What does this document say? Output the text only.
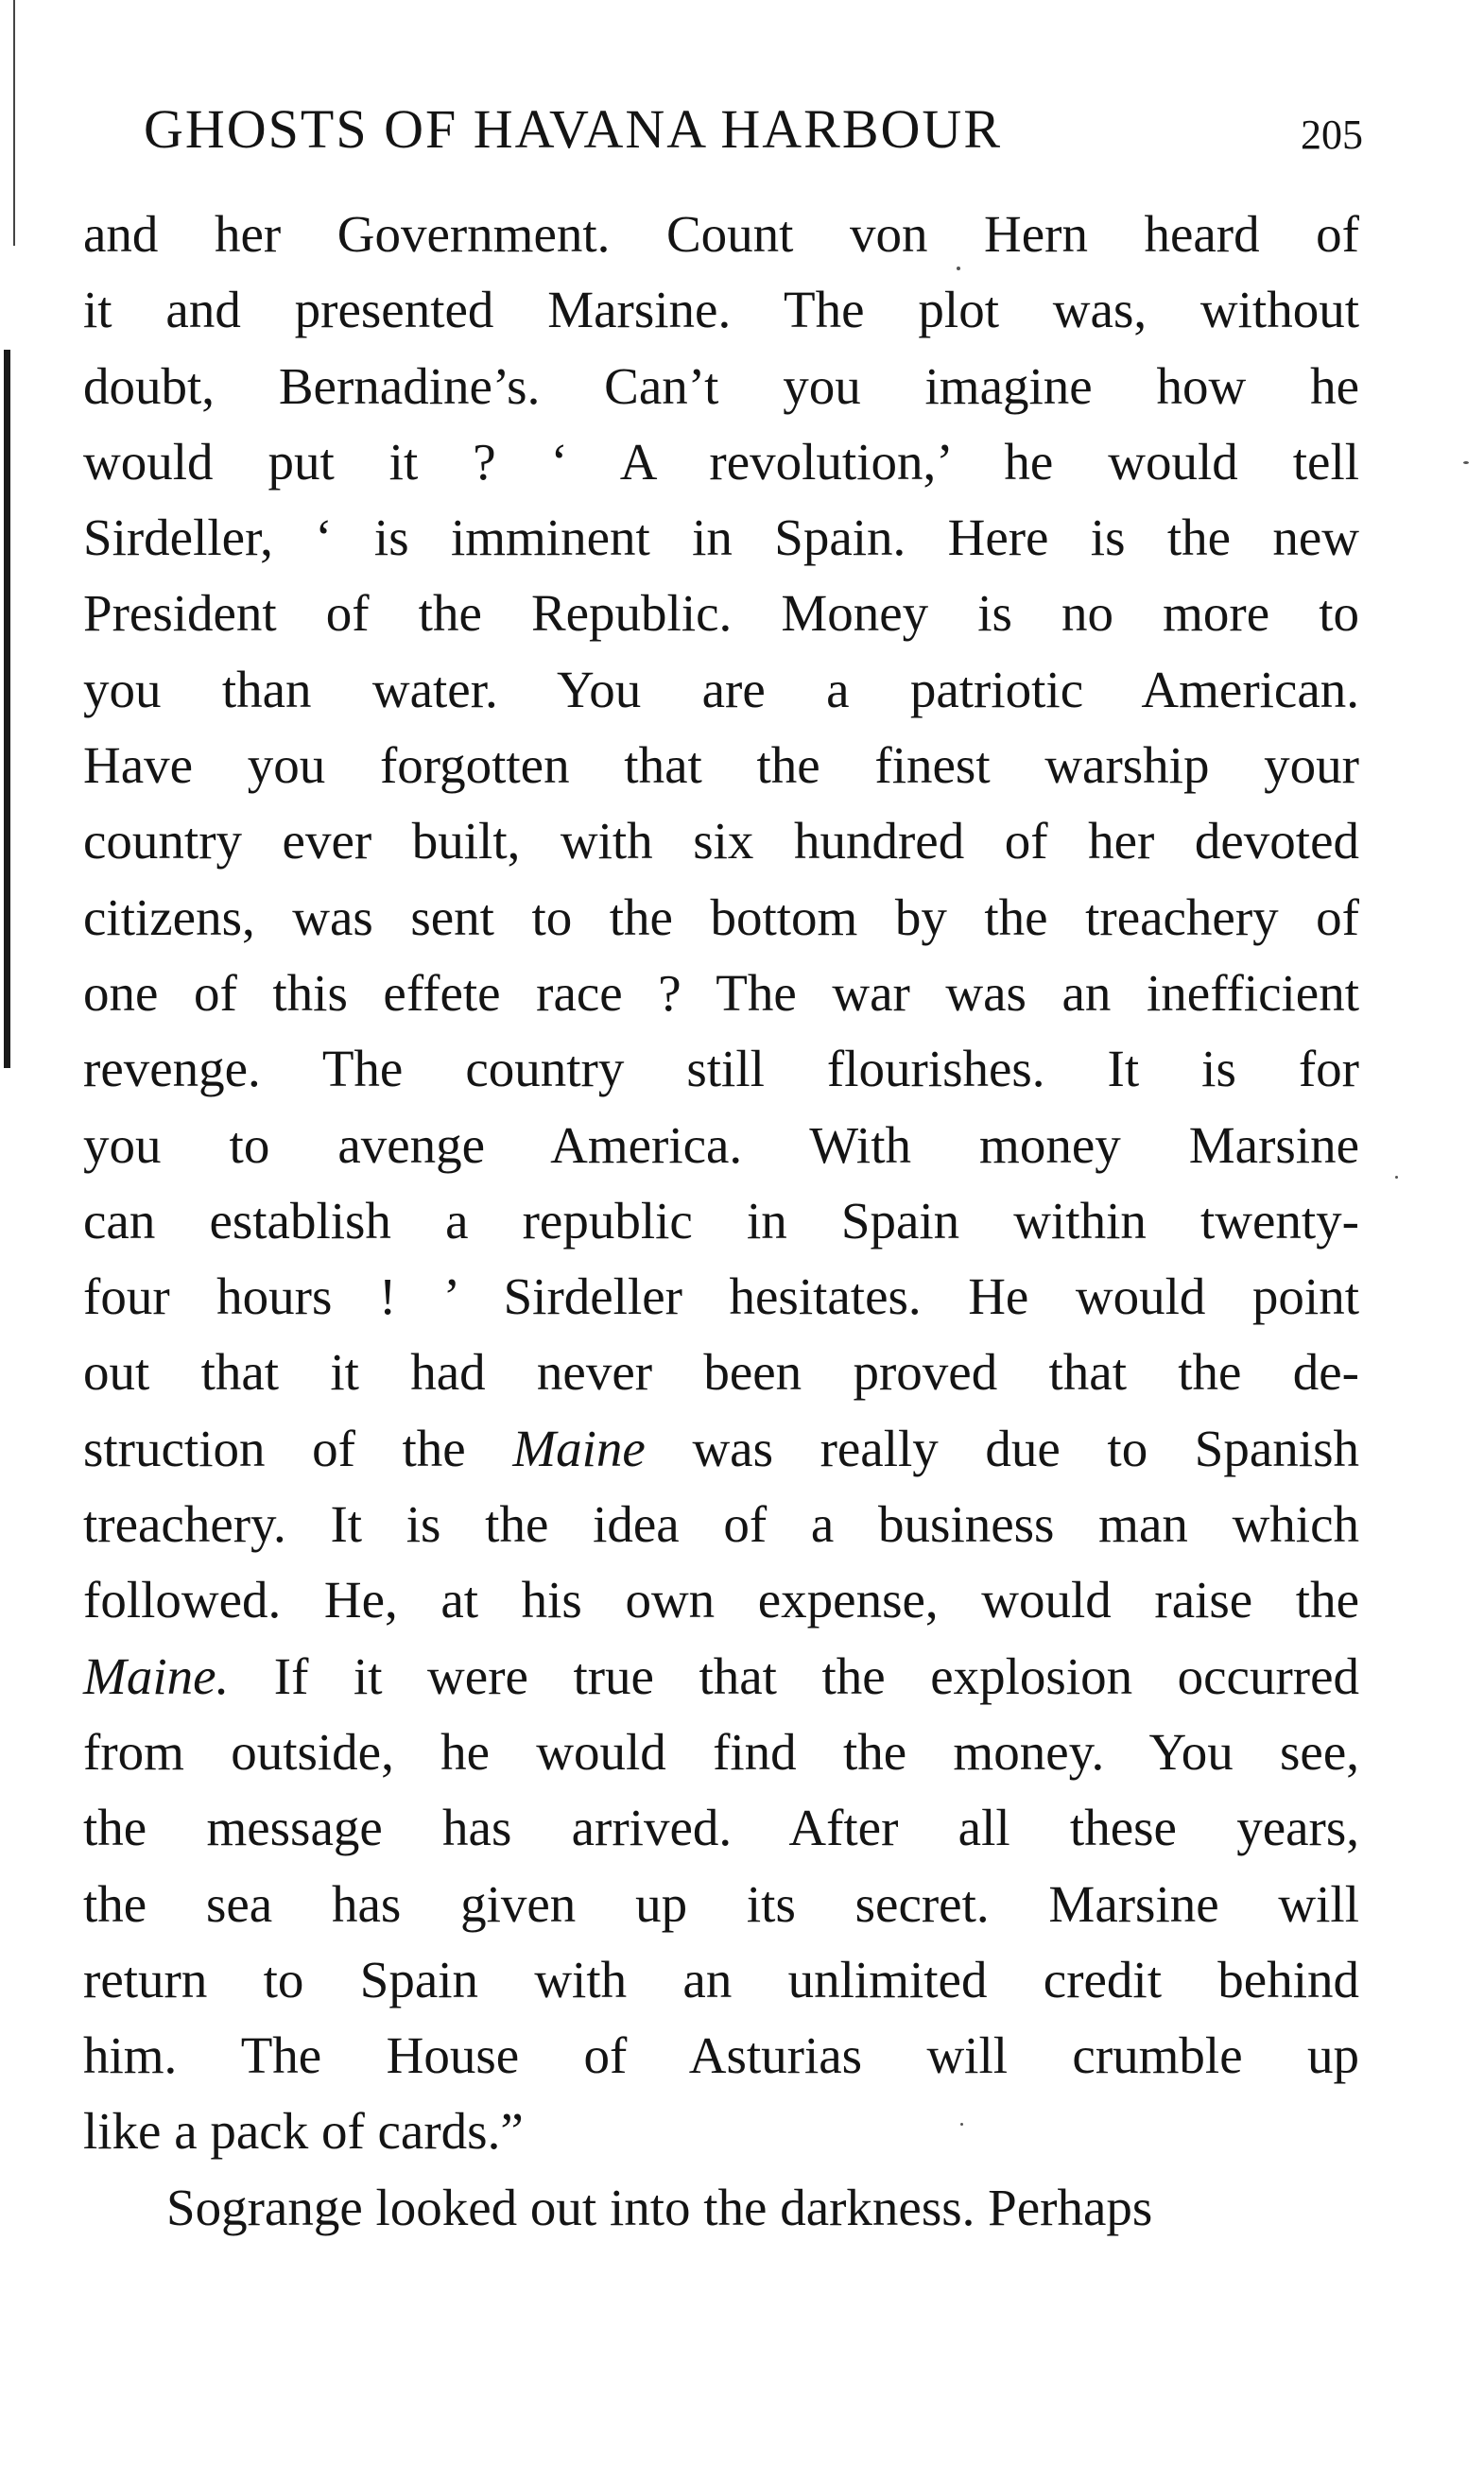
GHOSTS OF HAVANA HARBOUR	205
and her Government. Count von Hern heard of
it and presented Marsine. The plot was, without
doubt, Bernadine’s. Can’t you imagine how he
would put it ? ‘ A revolution,’ he would tell
Sirdeller, ‘ is imminent in Spain. Here is the new
President of the Republic. Money is no more to
you than water. You are a patriotic American.
Have you forgotten that the finest warship your
country ever built, with six hundred of her devoted
citizens, was sent to the bottom by the treachery of
one of this effete race ? The war was an inefficient
revenge. The country still flourishes. It is for
you to avenge America. With money Marsine
can establish a republic in Spain within twenty-
four hours ! ’ Sirdeller hesitates. He would point
out that it had never been proved that the de-
struction of the Maine was really due to Spanish
treachery. It is the idea of a business man which
followed. He, at his own expense, would raise the
Maine. If it were true that the explosion occurred
from outside, he would find the money. You see,
the message has arrived. After all these years,
the sea has given up its secret. Marsine will
return to Spain with an unlimited credit behind
him. The House of Asturias will crumble up
like a pack of cards.”
Sogrange looked out into the darkness. Perhaps
